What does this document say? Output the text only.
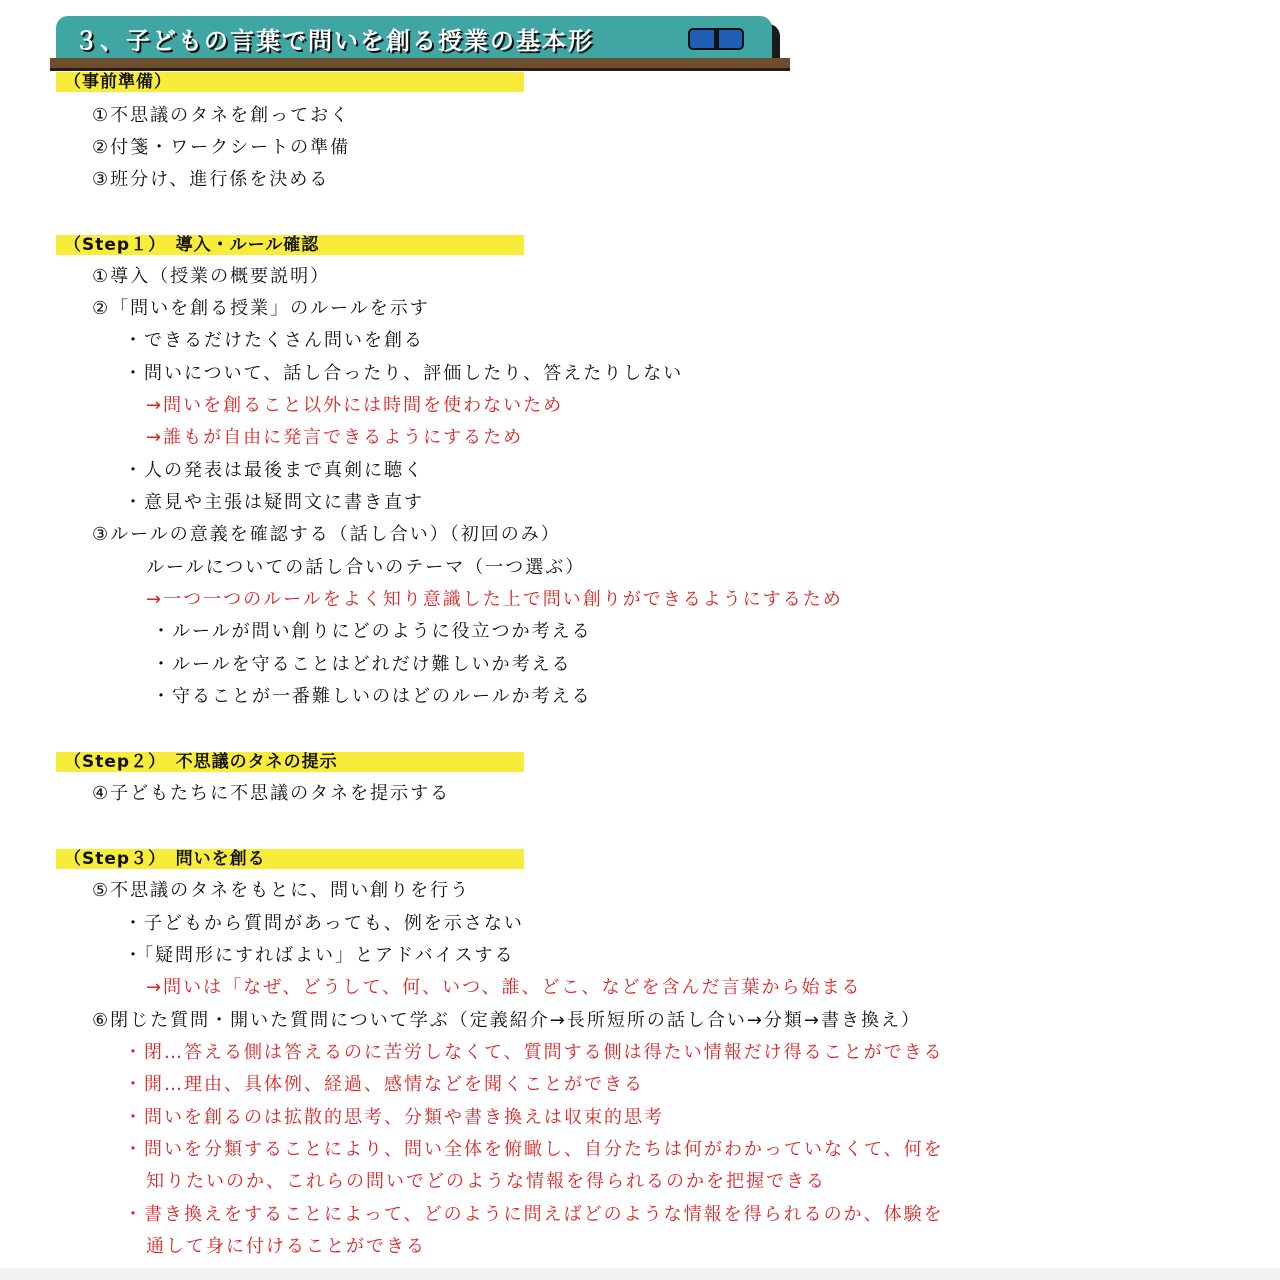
３、子どもの言葉で問いを創る授業の基本形
（事前準備）
①不思議のタネを創っておく
②付箋・ワークシートの準備
③班分け、進行係を決める
（Step１）　導入・ルール確認
①導入（授業の概要説明）
②「問いを創る授業」のルールを示す
・できるだけたくさん問いを創る
・問いについて、話し合ったり、評価したり、答えたりしない
→問いを創ること以外には時間を使わないため
→誰もが自由に発言できるようにするため
・人の発表は最後まで真剣に聴く
・意見や主張は疑問文に書き直す
③ルールの意義を確認する（話し合い）（初回のみ）
ルールについての話し合いのテーマ（一つ選ぶ）
→一つ一つのルールをよく知り意識した上で問い創りができるようにするため
・ルールが問い創りにどのように役立つか考える
・ルールを守ることはどれだけ難しいか考える
・守ることが一番難しいのはどのルールか考える
（Step２）　不思議のタネの提示
④子どもたちに不思議のタネを提示する
（Step３）　問いを創る
⑤不思議のタネをもとに、問い創りを行う
・子どもから質問があっても、例を示さない
・「疑問形にすればよい」とアドバイスする
→問いは「なぜ、どうして、何、いつ、誰、どこ、などを含んだ言葉から始まる
⑥閉じた質問・開いた質問について学ぶ（定義紹介→長所短所の話し合い→分類→書き換え）
・閉…答える側は答えるのに苦労しなくて、質問する側は得たい情報だけ得ることができる
・開…理由、具体例、経過、感情などを聞くことができる
・問いを創るのは拡散的思考、分類や書き換えは収束的思考
・問いを分類することにより、問い全体を俯瞰し、自分たちは何がわかっていなくて、何を
知りたいのか、これらの問いでどのような情報を得られるのかを把握できる
・書き換えをすることによって、どのように問えばどのような情報を得られるのか、体験を
通して身に付けることができる
